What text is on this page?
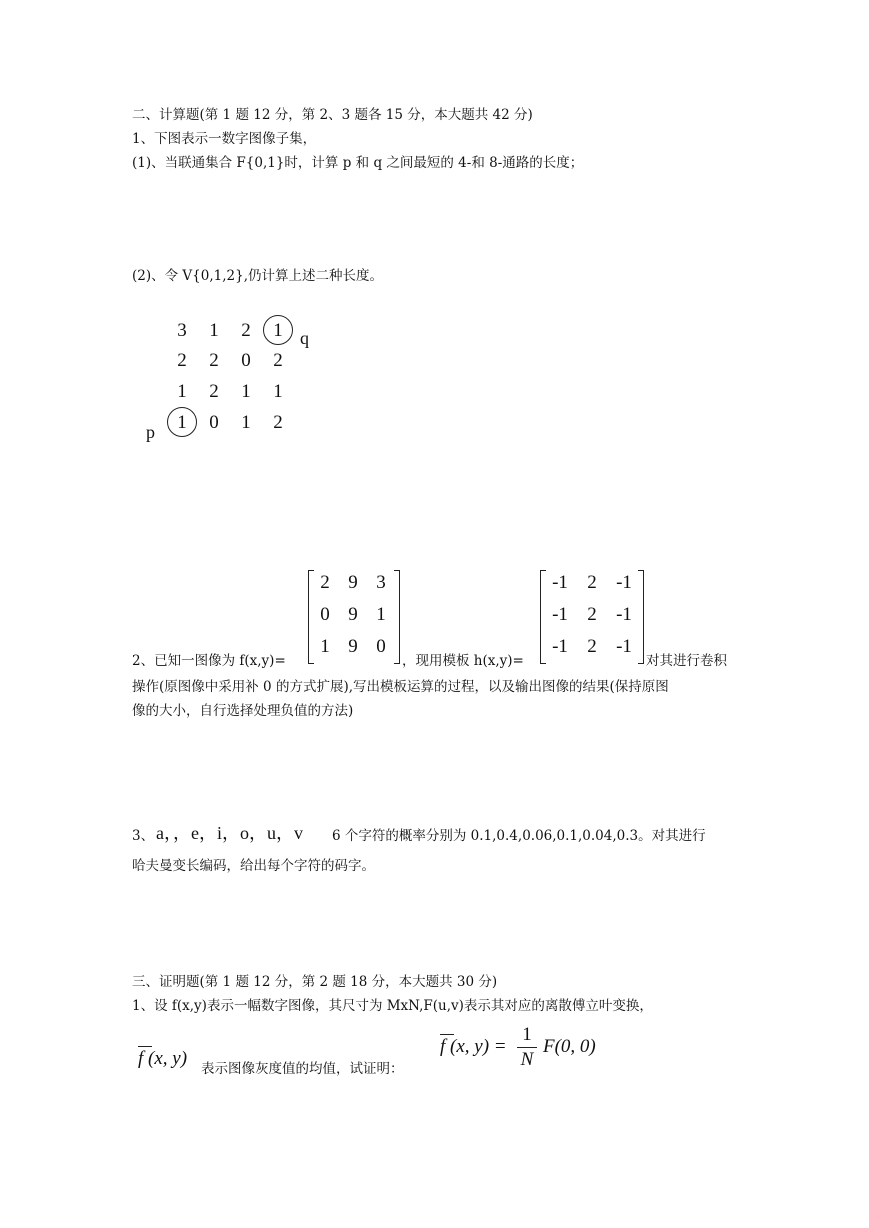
二、计算题(第 1 题 12 分，第 2、3 题各 15 分，本大题共 42 分)
1、下图表示一数字图像子集，
(1)、当联通集合 F{0,1}时，计算 p 和 q 之间最短的 4-和 8-通路的长度；
(2)、令 V{0,1,2},仍计算上述二种长度。
3 1 2 1 q
2 2 0 2
1 2 1 1
1 0 1 2
p
2 9 3
0 9 1
1 9 0
-1	2	-1
-1	2	-1
-1	2	-1
2、已知一图像为 f(x,y)=	，现用模板 h(x,y)=	对其进行卷积
操作(原图像中采用补 0 的方式扩展),写出模板运算的过程，以及输出图像的结果(保持原图
像的大小，自行选择处理负值的方法)
3、 a，，e，i，o，u，v 6 个字符的概率分别为 0.1,0.4,0.06,0.1,0.04,0.3。对其进行
哈夫曼变长编码，给出每个字符的码字。
三、证明题(第 1 题 12 分，第 2 题 18 分，本大题共 30 分)
1、设 f(x,y)表示一幅数字图像，其尺寸为 MxN,F(u,v)表示其对应的离散傅立叶变换，
f (x, y) 表示图像灰度值的均值，试证明：
f (x, y) =
1
N
F(0, 0)
